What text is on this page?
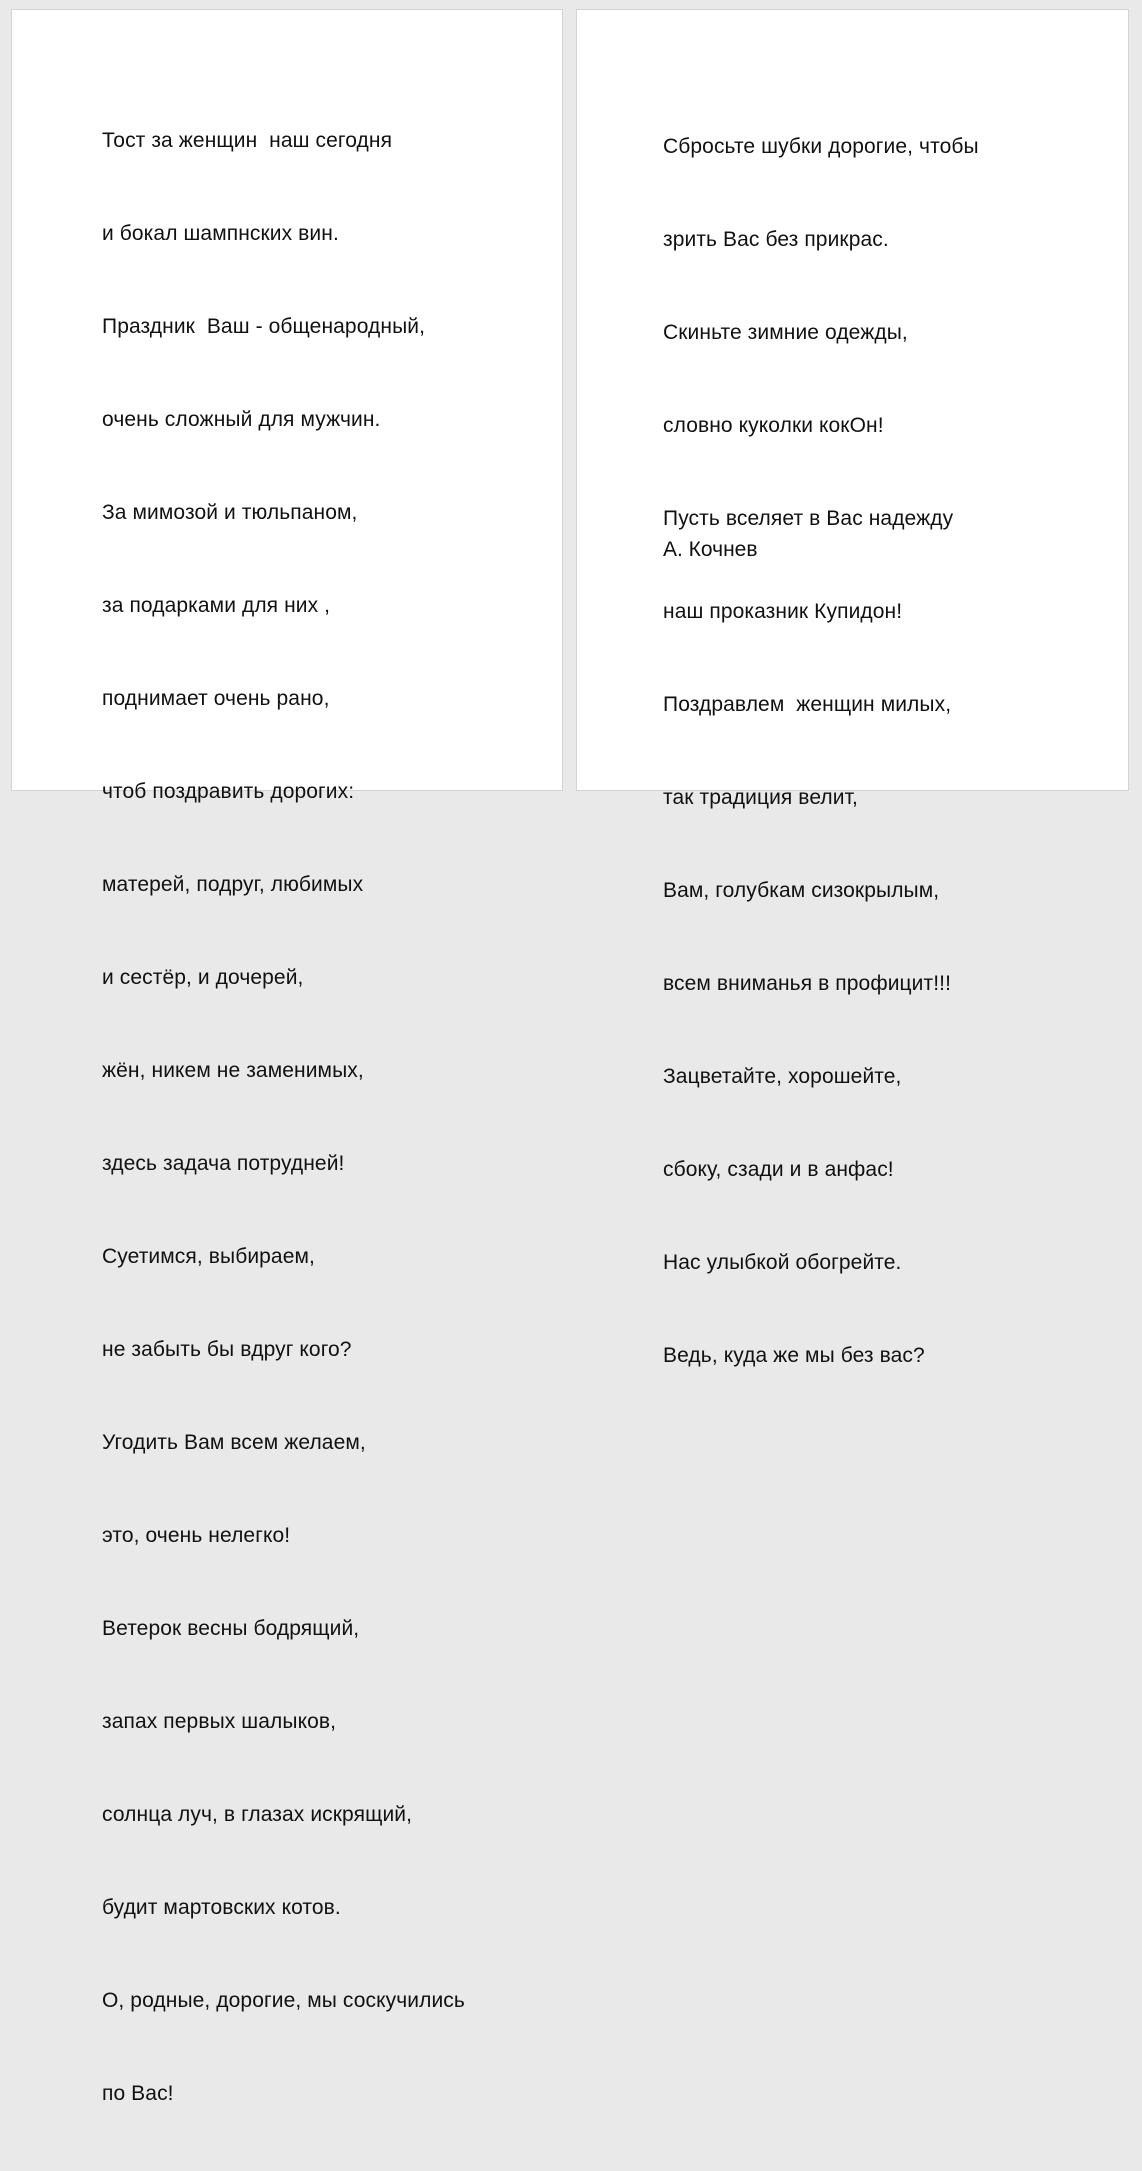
Тост за женщин  наш сегодня

и бокал шампнских вин.

Праздник  Ваш - общенародный,

очень сложный для мужчин.

За мимозой и тюльпаном,

за подарками для них ,

поднимает очень рано,

чтоб поздравить дорогих:

матерей, подруг, любимых

и сестёр, и дочерей,

жён, никем не заменимых,

здесь задача потрудней!

Суетимся, выбираем,

не забыть бы вдруг кого?

Угодить Вам всем желаем,

это, очень нелегко!

Ветерок весны бодрящий,

запах первых шалыков,

солнца луч, в глазах искрящий,

будит мартовских котов.

О, родные, дорогие, мы соскучились

по Вас!

Сбросьте шубки дорогие, чтобы

зрить Вас без прикрас.

Скиньте зимние одежды,

словно куколки кокОн!

Пусть вселяет в Вас надежду

наш проказник Купидон!

Поздравлем  женщин милых,

так традиция велит,

Вам, голубкам сизокрылым,

всем вниманья в профицит!!!

Зацветайте, хорошейте,

сбоку, сзади и в анфас!

Нас улыбкой обогрейте.

Ведь, куда же мы без вас?

А. Кочнев
